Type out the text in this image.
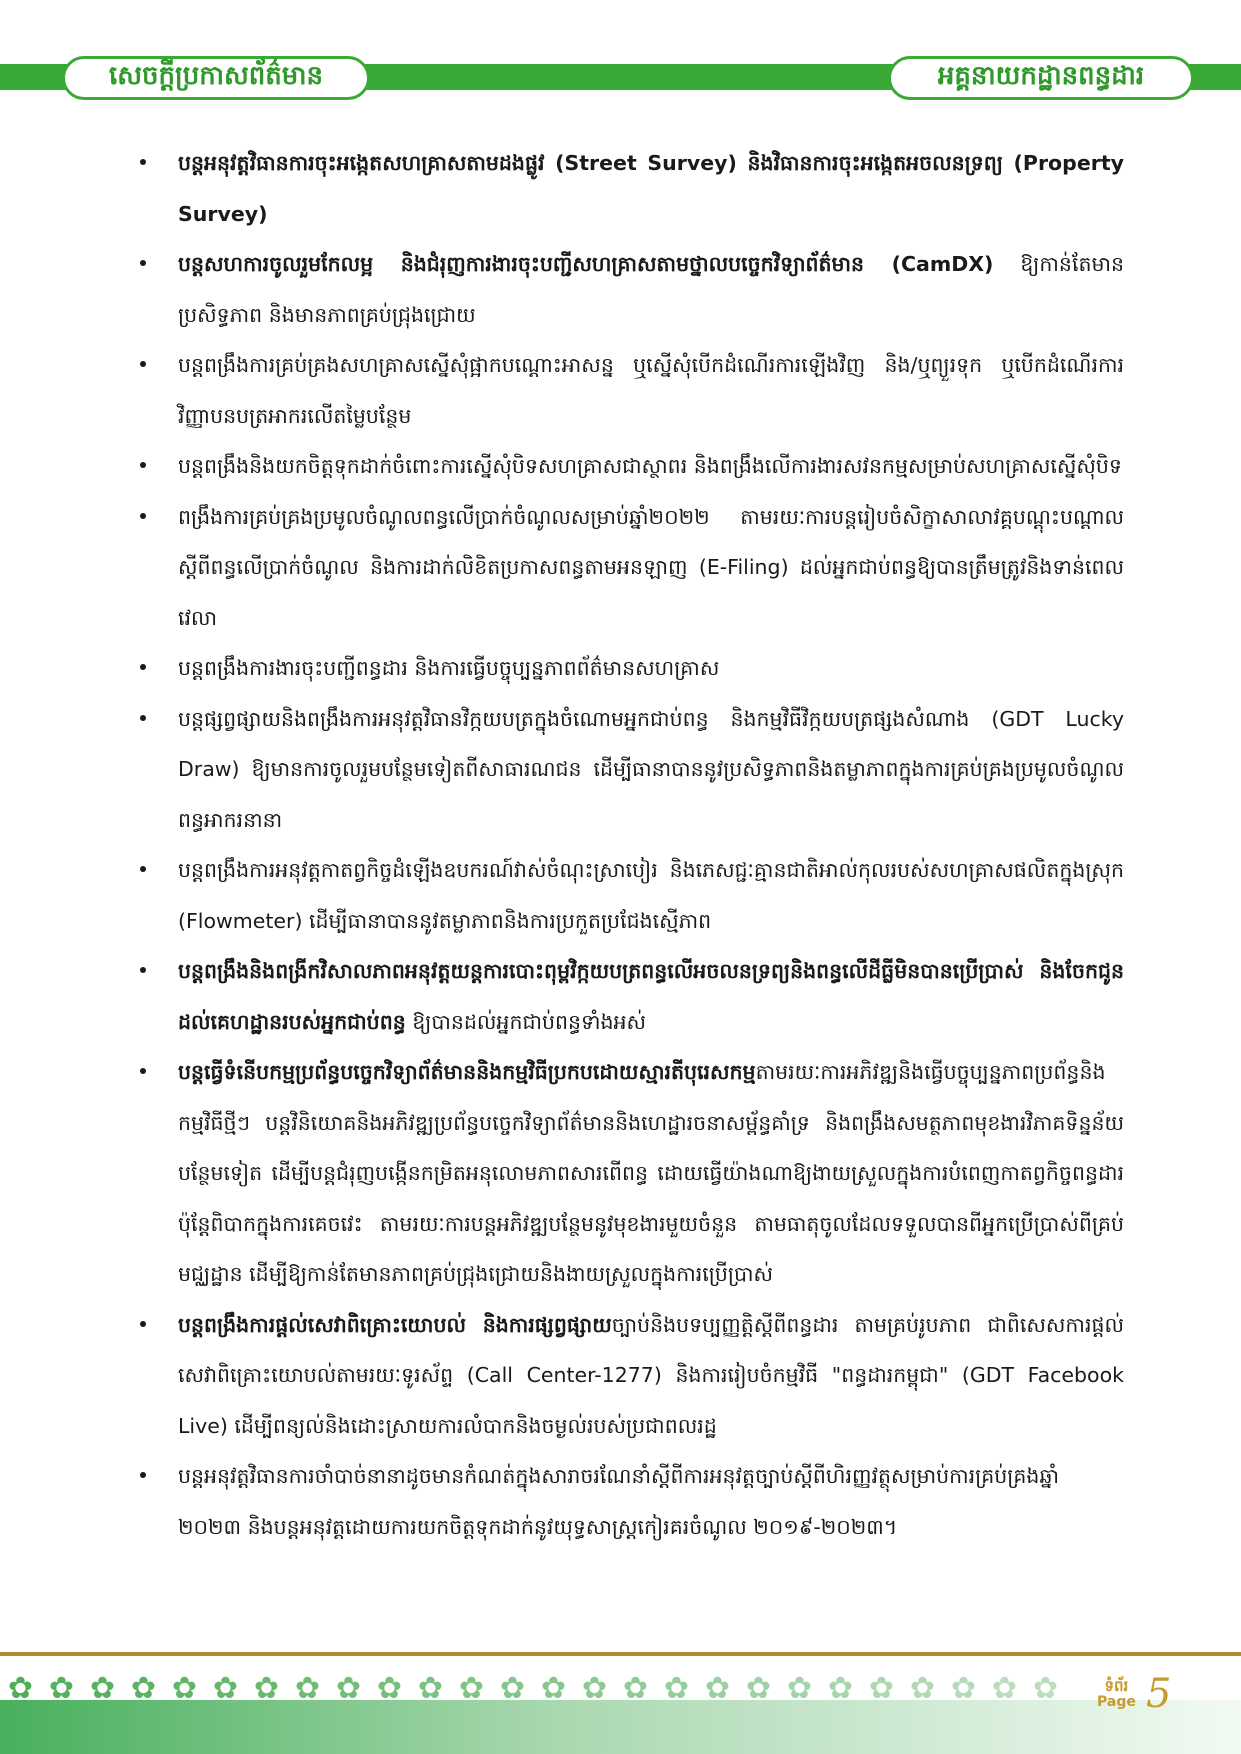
សេចក្តីប្រកាសព័ត៌មាន	អគ្គនាយកដ្ឋានពន្ធដារ
បន្តអនុវត្តវិធានការចុះអង្កេតសហគ្រាសតាមដងផ្លូវ (Street Survey) និងវិធានការចុះអង្កេតអចលនទ្រព្យ (Property Survey)
បន្តសហការចូលរួមកែលម្អ និងជំរុញការងារចុះបញ្ជីសហគ្រាសតាមថ្នាលបច្ចេកវិទ្យាព័ត៌មាន (CamDX) ឱ្យកាន់តែមានប្រសិទ្ធភាព និងមានភាពគ្រប់ជ្រុងជ្រោយ
បន្តពង្រឹងការគ្រប់គ្រងសហគ្រាសស្នើសុំផ្អាកបណ្ដោះអាសន្ន ឬស្នើសុំបើកដំណើរការឡើងវិញ និង/ឬព្យួរទុក ឬបើកដំណើរការវិញ្ញាបនបត្រអាករលើតម្លៃបន្ថែម
បន្តពង្រឹងនិងយកចិត្តទុកដាក់ចំពោះការស្នើសុំបិទសហគ្រាសជាស្ថាពរ និងពង្រឹងលើការងារសវនកម្មសម្រាប់សហគ្រាសស្នើសុំបិទ
ពង្រឹងការគ្រប់គ្រងប្រមូលចំណូលពន្ធលើប្រាក់ចំណូលសម្រាប់ឆ្នាំ២០២២ តាមរយៈការបន្តរៀបចំសិក្ខាសាលាវគ្គបណ្ដុះបណ្ដាល ស្ដីពីពន្ធលើប្រាក់ចំណូល និងការដាក់លិខិតប្រកាសពន្ធតាមអនឡាញ (E-Filing) ដល់អ្នកជាប់ពន្ធឱ្យបានត្រឹមត្រូវនិងទាន់ពេលវេលា
បន្តពង្រឹងការងារចុះបញ្ជីពន្ធដារ និងការធ្វើបច្ចុប្បន្នភាពព័ត៌មានសហគ្រាស
បន្តផ្សព្វផ្សាយនិងពង្រឹងការអនុវត្តវិធានវិក្កយបត្រក្នុងចំណោមអ្នកជាប់ពន្ធ និងកម្មវិធីវិក្កយបត្រផ្សងសំណាង (GDT Lucky Draw) ឱ្យមានការចូលរួមបន្ថែមទៀតពីសាធារណជន ដើម្បីធានាបាននូវប្រសិទ្ធភាពនិងតម្លាភាពក្នុងការគ្រប់គ្រងប្រមូលចំណូលពន្ធអាករនានា
បន្តពង្រឹងការអនុវត្តកាតព្វកិច្ចដំឡើងឧបករណ៍វាស់ចំណុះស្រាបៀរ និងភេសជ្ជៈគ្មានជាតិអាល់កុលរបស់សហគ្រាសផលិតក្នុងស្រុក (Flowmeter) ដើម្បីធានាបាននូវតម្លាភាពនិងការប្រកួតប្រជែងស្មើភាព
បន្តពង្រឹងនិងពង្រីកវិសាលភាពអនុវត្តយន្តការបោះពុម្ពវិក្កយបត្រពន្ធលើអចលនទ្រព្យនិងពន្ធលើដីធ្លីមិនបានប្រើប្រាស់ និងចែកជូនដល់គេហដ្ឋានរបស់អ្នកជាប់ពន្ធ ឱ្យបានដល់អ្នកជាប់ពន្ធទាំងអស់
បន្តធ្វើទំនើបកម្មប្រព័ន្ធបច្ចេកវិទ្យាព័ត៌មាននិងកម្មវិធីប្រកបដោយស្មារតីបុរេសកម្មតាមរយៈការអភិវឌ្ឍនិងធ្វើបច្ចុប្បន្នភាពប្រព័ន្ធនិងកម្មវិធីថ្មីៗ បន្តវិនិយោគនិងអភិវឌ្ឍប្រព័ន្ធបច្ចេកវិទ្យាព័ត៌មាននិងហេដ្ឋារចនាសម្ព័ន្ធគាំទ្រ និងពង្រឹងសមត្ថភាពមុខងារវិភាគទិន្នន័យបន្ថែមទៀត ដើម្បីបន្តជំរុញបង្កើនកម្រិតអនុលោមភាពសារពើពន្ធ ដោយធ្វើយ៉ាងណាឱ្យងាយស្រួលក្នុងការបំពេញកាតព្វកិច្ចពន្ធដារ ប៉ុន្តែពិបាកក្នុងការគេចវេះ តាមរយៈការបន្តអភិវឌ្ឍបន្ថែមនូវមុខងារមួយចំនួន តាមធាតុចូលដែលទទួលបានពីអ្នកប្រើប្រាស់ពីគ្រប់មជ្ឈដ្ឋាន ដើម្បីឱ្យកាន់តែមានភាពគ្រប់ជ្រុងជ្រោយនិងងាយស្រួលក្នុងការប្រើប្រាស់
បន្តពង្រឹងការផ្តល់សេវាពិគ្រោះយោបល់ និងការផ្សព្វផ្សាយច្បាប់និងបទប្បញ្ញត្តិស្តីពីពន្ធដារ តាមគ្រប់រូបភាព ជាពិសេសការផ្តល់សេវាពិគ្រោះយោបល់តាមរយៈទូរស័ព្ទ (Call Center-1277) និងការរៀបចំកម្មវិធី "ពន្ធដារកម្ពុជា" (GDT Facebook Live) ដើម្បីពន្យល់និងដោះស្រាយការលំបាកនិងចម្ងល់របស់ប្រជាពលរដ្ឋ
បន្តអនុវត្តវិធានការចាំបាច់នានាដូចមានកំណត់ក្នុងសារាចរណែនាំស្ដីពីការអនុវត្តច្បាប់ស្ដីពីហិរញ្ញវត្ថុសម្រាប់ការគ្រប់គ្រងឆ្នាំ ២០២៣ និងបន្តអនុវត្តដោយការយកចិត្តទុកដាក់នូវយុទ្ធសាស្ត្រកៀរគរចំណូល ២០១៩-២០២៣។
✿ ✿ ✿ ✿ ✿ ✿ ✿ ✿ ✿ ✿ ✿ ✿ ✿ ✿ ✿ ✿ ✿ ✿ ✿ ✿ ✿ ✿ ✿ ✿ ✿ ✿	ទំព័រ
Page 5
